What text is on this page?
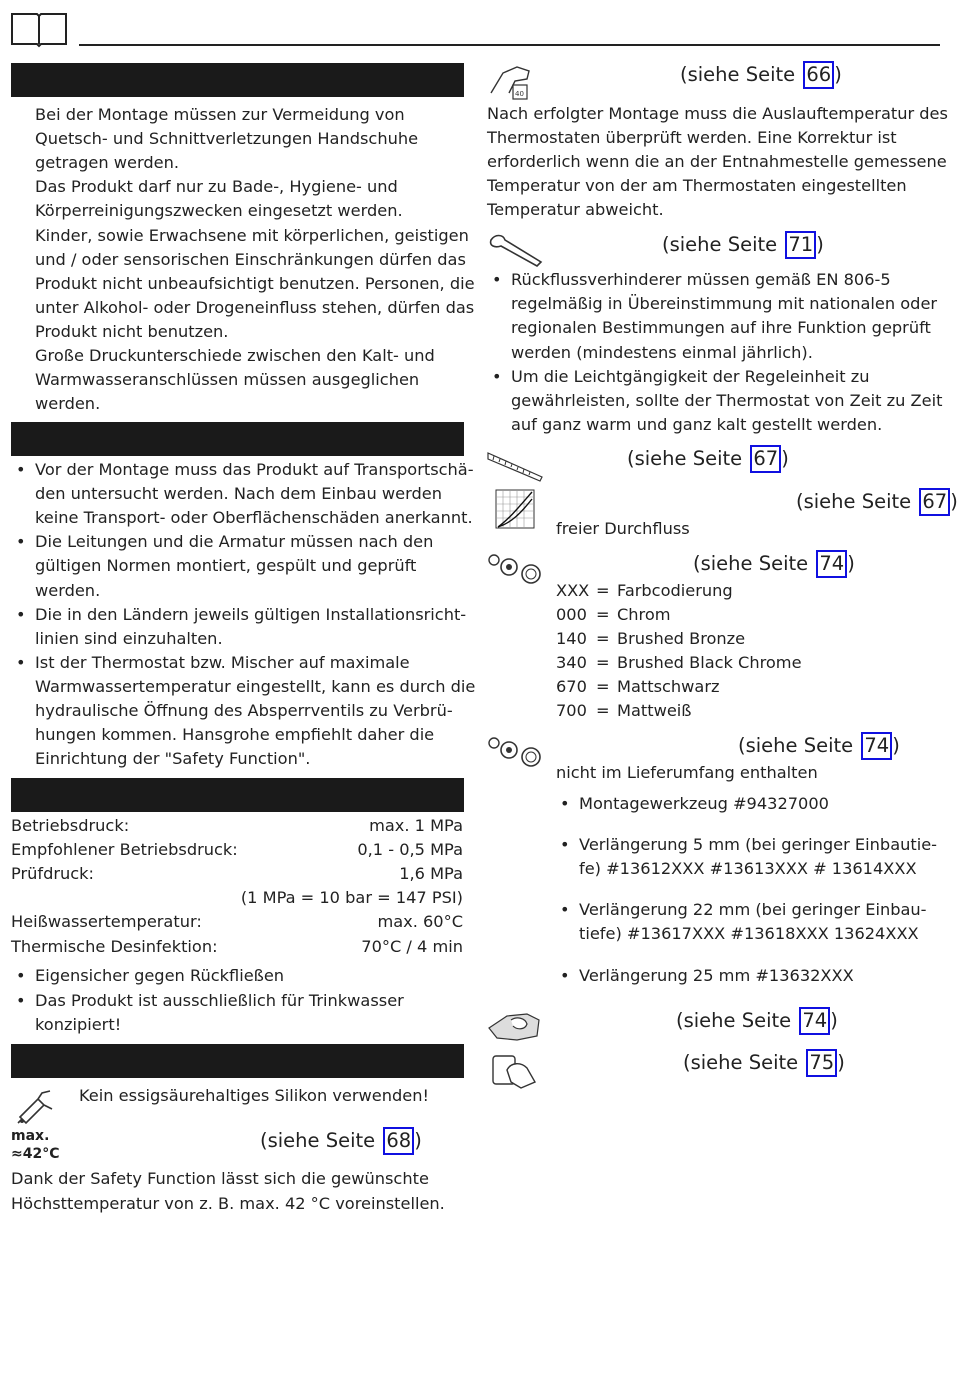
Bei der Montage müssen zur Vermeidung von
Quetsch- und Schnittverletzungen Handschuhe
getragen werden.
Das Produkt darf nur zu Bade-, Hygiene- und
Körperreinigungszwecken eingesetzt werden.
Kinder, sowie Erwachsene mit körperlichen, geistigen
und / oder sensorischen Einschränkungen dürfen das
Produkt nicht unbeaufsichtigt benutzen. Personen, die
unter Alkohol- oder Drogeneinfluss stehen, dürfen das
Produkt nicht benutzen.
Große Druckunterschiede zwischen den Kalt- und
Warmwasseranschlüssen müssen ausgeglichen
werden.
• Vor der Montage muss das Produkt auf Transportschä-
den untersucht werden. Nach dem Einbau werden
keine Transport- oder Oberflächenschäden anerkannt.
• Die Leitungen und die Armatur müssen nach den
gültigen Normen montiert, gespült und geprüft
werden.
• Die in den Ländern jeweils gültigen Installationsricht-
linien sind einzuhalten.
• Ist der Thermostat bzw. Mischer auf maximale
Warmwassertemperatur eingestellt, kann es durch die
hydraulische Öffnung des Absperrventils zu Verbrü-
hungen kommen. Hansgrohe empfiehlt daher die
Einrichtung der "Safety Function".
Betriebsdruck:	max. 1 MPa
Empfohlener Betriebsdruck:	0,1 - 0,5 MPa
Prüfdruck:	1,6 MPa
(1 MPa = 10 bar = 147 PSI)
Heißwassertemperatur:	max. 60°C
Thermische Desinfektion:	70°C / 4 min
• Eigensicher gegen Rückfließen
• Das Produkt ist ausschließlich für Trinkwasser
konzipiert!
Kein essigsäurehaltiges Silikon verwenden!
max.
≈42°C
(siehe Seite 68 )
Dank der Safety Function lässt sich die gewünschte
Höchsttemperatur von z. B. max. 42 °C voreinstellen.
40
(siehe Seite 66 )
Nach erfolgter Montage muss die Auslauftemperatur des
Thermostaten überprüft werden. Eine Korrektur ist
erforderlich wenn die an der Entnahmestelle gemessene
Temperatur von der am Thermostaten eingestellten
Temperatur abweicht.
(siehe Seite 71 )
• Rückflussverhinderer müssen gemäß EN 806-5
regelmäßig in Übereinstimmung mit nationalen oder
regionalen Bestimmungen auf ihre Funktion geprüft
werden (mindestens einmal jährlich).
• Um die Leichtgängigkeit der Regeleinheit zu
gewährleisten, sollte der Thermostat von Zeit zu Zeit
auf ganz warm und ganz kalt gestellt werden.
(siehe Seite 67 )
(siehe Seite 67 )
freier Durchfluss
(siehe Seite 74 )
XXX = Farbcodierung
000 = Chrom
140 = Brushed Bronze
340 = Brushed Black Chrome
670 = Mattschwarz
700 = Mattweiß
(siehe Seite 74 )
nicht im Lieferumfang enthalten
• Montagewerkzeug #94327000
• Verlängerung 5 mm (bei geringer Einbautie-
fe) #13612XXX #13613XXX # 13614XXX
• Verlängerung 22 mm (bei geringer Einbau-
tiefe) #13617XXX #13618XXX 13624XXX
• Verlängerung 25 mm #13632XXX
(siehe Seite 74 )
(siehe Seite 75 )
